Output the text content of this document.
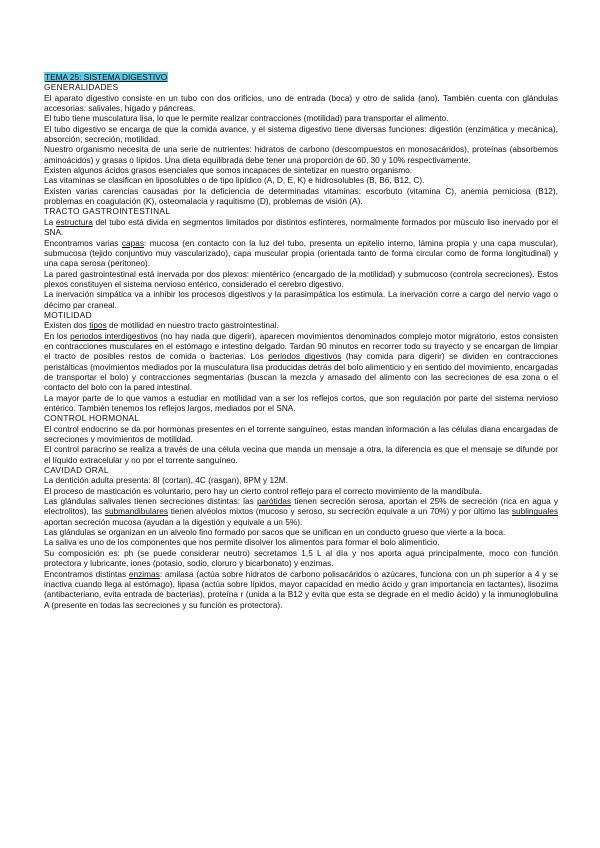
TEMA 25: SISTEMA DIGESTIVO
GENERALIDADES

El aparato digestivo consiste en un tubo con dos orificios, uno de entrada (boca) y otro de salida (ano). También cuenta con glándulas accesorias: salivales, hígado y páncreas.

El tubo tiene musculatura lisa, lo que le permite realizar contracciones (motilidad) para transportar el alimento.

El tubo digestivo se encarga de que la comida avance, y el sistema digestivo tiene diversas funciones: digestión (enzimática y mecánica), absorción, secreción, motilidad.

Nuestro organismo necesita de una serie de nutrientes: hidratos de carbono (descompuestos en monosacáridos), proteínas (absorbemos aminoácidos) y grasas o lípidos. Una dieta equilibrada debe tener una proporción de 60, 30 y 10% respectivamente.

Existen algunos ácidos grasos esenciales que somos incapaces de sintetizar en nuestro organismo.

Las vitaminas se clasifican en liposolubles o de tipo lipídico (A, D, E, K) e hidrosolubles (B, B6, B12, C).

Existen varias carencias causadas por la deficiencia de determinadas vitaminas: escorbuto (vitamina C), anemia perniciosa (B12), problemas en coagulación (K), osteomalacia y raquitismo (D), problemas de visión (A).

TRACTO GASTROINTESTINAL

La estructura del tubo está divida en segmentos limitados por distintos esfínteres, normalmente formados por músculo liso inervado por el SNA.

Encontramos varias capas: mucosa (en contacto con la luz del tubo, presenta un epitelio interno, lámina propia y una capa muscular), submucosa (tejido conjuntivo muy vascularizado), capa muscular propia (orientada tanto de forma circular como de forma longitudinal) y una capa serosa (peritoneo).

La pared gastrointestinal está inervada por dos plexos: mientérico (encargado de la motilidad) y submucoso (controla secreciones). Estos plexos constituyen el sistema nervioso entérico, considerado el cerebro digestivo.

La inervación simpática va a inhibir los procesos digestivos y la parasimpática los estimula. La inervación corre a cargo del nervio vago o décimo par craneal.

MOTILIDAD

Existen dos tipos de motilidad en nuestro tracto gastrointestinal.

En los periodos interdigestivos (no hay nada que digerir), aparecen movimientos denominados complejo motor migratorio, estos consisten en contracciones musculares en el estómago e intestino delgado. Tardan 90 minutos en recorrer todo su trayecto y se encargan de limpiar el tracto de posibles restos de comida o bacterias. Los periodos digestivos (hay comida para digerir) se dividen en contracciones peristálticas (movimientos mediados por la musculatura lisa producidas detrás del bolo alimenticio y en sentido del movimiento, encargadas de transportar el bolo) y contracciones segmentarias (buscan la mezcla y amasado del alimento con las secreciones de esa zona o el contacto del bolo con la pared intestinal.

La mayor parte de lo que vamos a estudiar en motilidad van a ser los reflejos cortos, que son regulación por parte del sistema nervioso entérico. También tenemos los reflejos largos, mediados por el SNA.

CONTROL HORMONAL

El control endocrino se da por hormonas presentes en el torrente sanguíneo, estas mandan información a las células diana encargadas de secreciones y movimientos de motilidad.

El control paracrino se realiza a través de una célula vecina que manda un mensaje a otra, la diferencia es que el mensaje se difunde por el líquido extracelular y no por el torrente sanguíneo.

CAVIDAD ORAL

La dentición adulta presenta: 8I (cortan), 4C (rasgan), 8PM y 12M.

El proceso de masticación es voluntario, pero hay un cierto control reflejo para el correcto movimiento de la mandíbula.

Las glándulas salivales tienen secreciones distintas: las parótidas tienen secreción serosa, aportan el 25% de secreción (rica en agua y electrolitos), las submandibulares tienen alvéolos mixtos (mucoso y seroso, su secreción equivale a un 70%) y por último las sublinguales aportan secreción mucosa (ayudan a la digestión y equivale a un 5%).

Las glándulas se organizan en un alveolo fino formado por sacos que se unifican en un conducto grueso que vierte a la boca.

La saliva es uno de los componentes que nos permite disolver los alimentos para formar el bolo alimenticio.

Su composición es: ph (se puede considerar neutro) secretamos 1,5 L al día y nos aporta agua principalmente, moco con función protectora y lubricante, iones (potasio, sodio, cloruro y bicarbonato) y enzimas.

Encontramos distintas enzimas: amilasa (actúa sobre hidratos de carbono polisacáridos o azúcares, funciona con un ph superior a 4 y se inactiva cuando llega al estómago), lipasa (actúa sobre lípidos, mayor capacidad en medio ácido y gran importancia en lactantes), lisozima (antibacteriano, evita entrada de bacterias), proteína r (unida a la B12 y evita que esta se degrade en el medio ácido) y la inmunoglobulina A (presente en todas las secreciones y su función es protectora).
